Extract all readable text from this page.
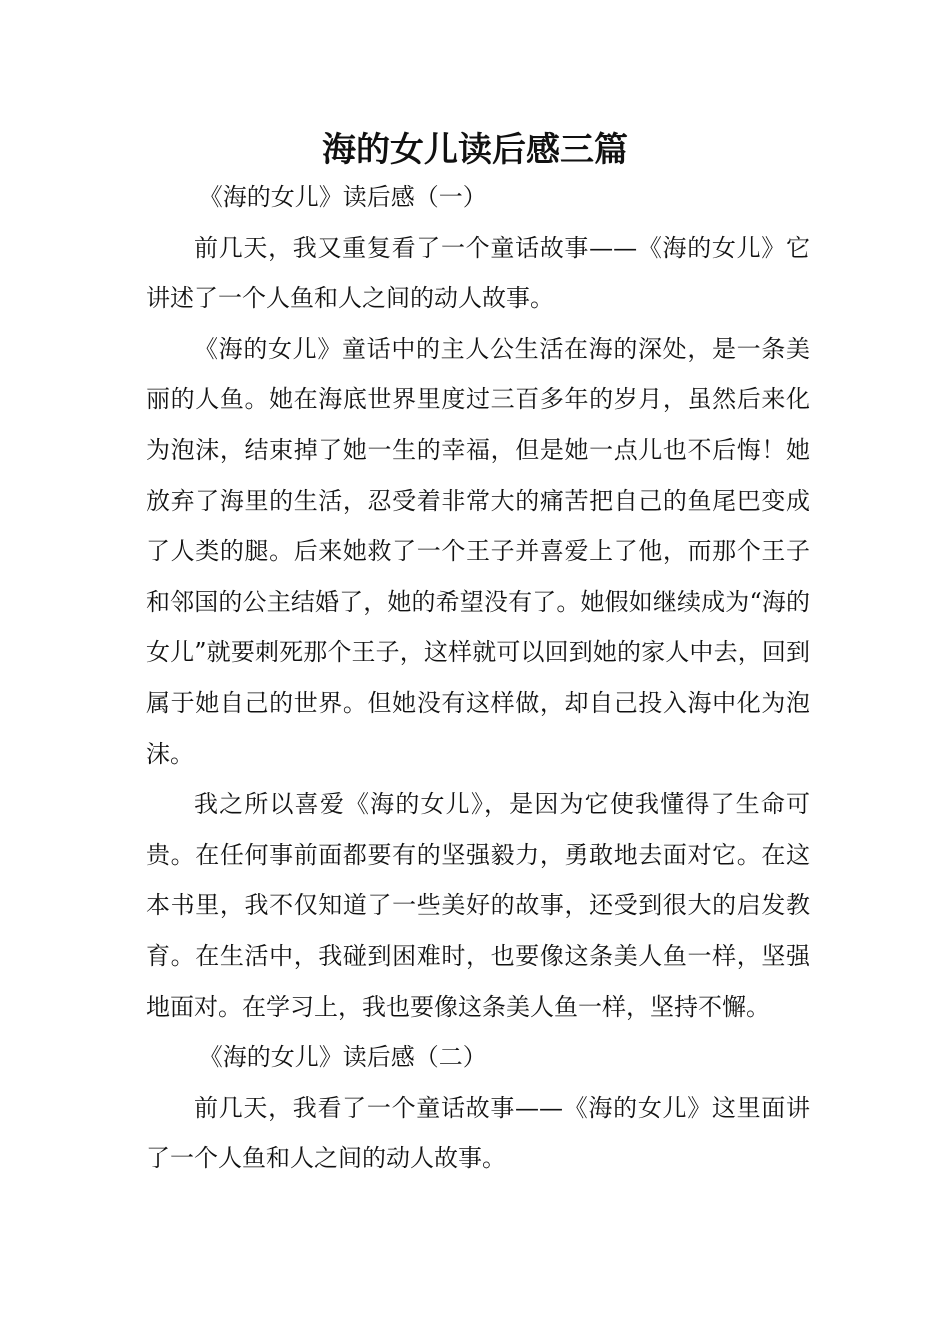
海的女儿读后感三篇

《海的女儿》读后感（一）

前几天，我又重复看了一个童话故事——《海的女儿》它讲述了一个人鱼和人之间的动人故事。

《海的女儿》童话中的主人公生活在海的深处，是一条美丽的人鱼。她在海底世界里度过三百多年的岁月，虽然后来化为泡沫，结束掉了她一生的幸福，但是她一点儿也不后悔！她放弃了海里的生活，忍受着非常大的痛苦把自己的鱼尾巴变成了人类的腿。后来她救了一个王子并喜爱上了他，而那个王子和邻国的公主结婚了，她的希望没有了。她假如继续成为“海的女儿”就要刺死那个王子，这样就可以回到她的家人中去，回到属于她自己的世界。但她没有这样做，却自己投入海中化为泡沫。

我之所以喜爱《海的女儿》，是因为它使我懂得了生命可贵。在任何事前面都要有的坚强毅力，勇敢地去面对它。在这本书里，我不仅知道了一些美好的故事，还受到很大的启发教育。在生活中，我碰到困难时，也要像这条美人鱼一样，坚强地面对。在学习上，我也要像这条美人鱼一样，坚持不懈。

《海的女儿》读后感（二）

前几天，我看了一个童话故事——《海的女儿》这里面讲了一个人鱼和人之间的动人故事。
